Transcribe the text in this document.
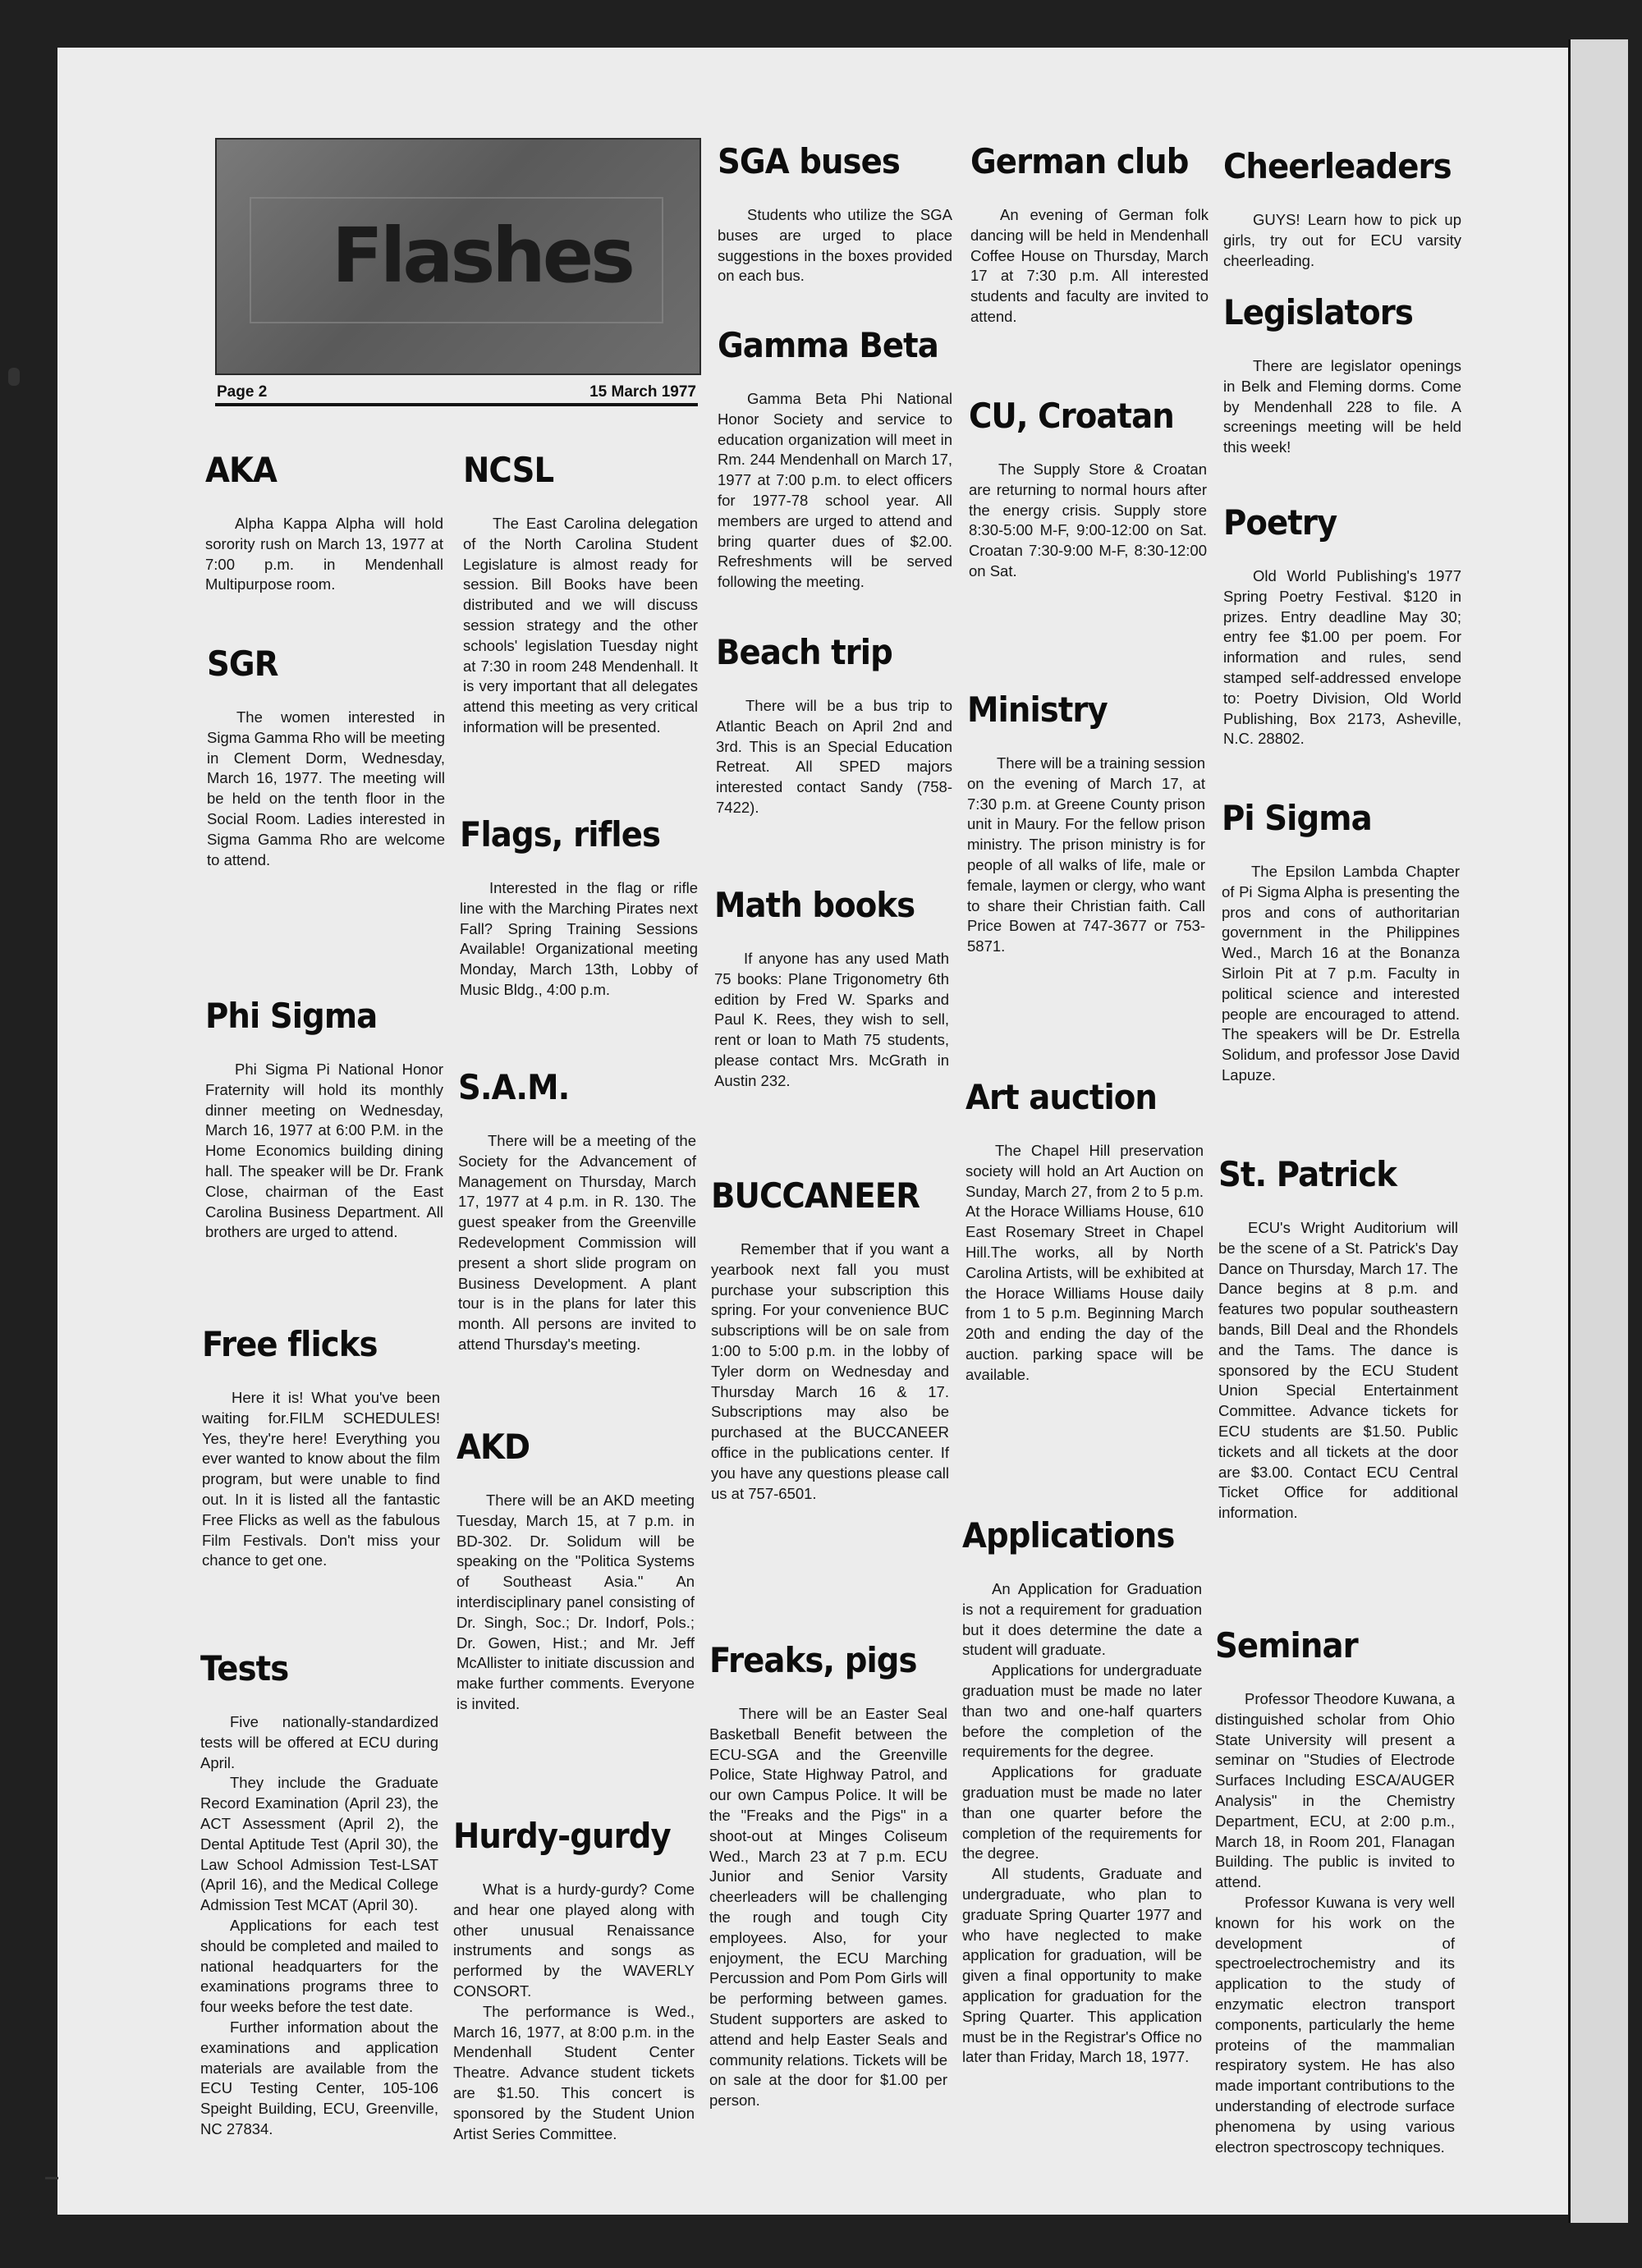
Flashes
Page 2	15 March 1977
AKA

Alpha Kappa Alpha will hold sorority rush on March 13, 1977 at 7:00 p.m. in Mendenhall Multipurpose room.

SGR

The women interested in Sigma Gamma Rho will be meeting in Clement Dorm, Wednesday, March 16, 1977. The meeting will be held on the tenth floor in the Social Room. Ladies interested in Sigma Gamma Rho are welcome to attend.

Phi Sigma

Phi Sigma Pi National Honor Fraternity will hold its monthly dinner meeting on Wednesday, March 16, 1977 at 6:00 P.M. in the Home Economics building dining hall. The speaker will be Dr. Frank Close, chairman of the East Carolina Business Department. All brothers are urged to attend.

Free flicks

Here it is! What you've been waiting for.FILM SCHEDULES! Yes, they're here! Everything you ever wanted to know about the film program, but were unable to find out. In it is listed all the fantastic Free Flicks as well as the fabulous Film Festivals. Don't miss your chance to get one.

Tests

Five nationally-standardized tests will be offered at ECU during April.

They include the Graduate Record Examination (April 23), the ACT Assessment (April 2), the Dental Aptitude Test (April 30), the Law School Admission Test-LSAT (April 16), and the Medical College Admission Test MCAT (April 30).

Applications for each test should be completed and mailed to national headquarters for the examinations programs three to four weeks before the test date.

Further information about the examinations and application materials are available from the ECU Testing Center, 105-106 Speight Building, ECU, Greenville, NC 27834.

NCSL

The East Carolina delegation of the North Carolina Student Legislature is almost ready for session. Bill Books have been distributed and we will discuss session strategy and the other schools' legislation Tuesday night at 7:30 in room 248 Mendenhall. It is very important that all delegates attend this meeting as very critical information will be presented.

Flags, rifles

Interested in the flag or rifle line with the Marching Pirates next Fall? Spring Training Sessions Available! Organizational meeting Monday, March 13th, Lobby of Music Bldg., 4:00 p.m.

S.A.M.

There will be a meeting of the Society for the Advancement of Management on Thursday, March 17, 1977 at 4 p.m. in R. 130. The guest speaker from the Greenville Redevelopment Commission will present a short slide program on Business Development. A plant tour is in the plans for later this month. All persons are invited to attend Thursday's meeting.

AKD

There will be an AKD meeting Tuesday, March 15, at 7 p.m. in BD-302. Dr. Solidum will be speaking on the "Politica Systems of Southeast Asia." An interdisciplinary panel consisting of Dr. Singh, Soc.; Dr. Indorf, Pols.; Dr. Gowen, Hist.; and Mr. Jeff McAllister to initiate discussion and make further comments. Everyone is invited.

Hurdy-gurdy

What is a hurdy-gurdy? Come and hear one played along with other unusual Renaissance instruments and songs as performed by the WAVERLY CONSORT.

The performance is Wed., March 16, 1977, at 8:00 p.m. in the Mendenhall Student Center Theatre. Advance student tickets are $1.50. This concert is sponsored by the Student Union Artist Series Committee.

SGA buses

Students who utilize the SGA buses are urged to place suggestions in the boxes provided on each bus.

Gamma Beta

Gamma Beta Phi National Honor Society and service to education organization will meet in Rm. 244 Mendenhall on March 17, 1977 at 7:00 p.m. to elect officers for 1977-78 school year. All members are urged to attend and bring quarter dues of $2.00. Refreshments will be served following the meeting.

Beach trip

There will be a bus trip to Atlantic Beach on April 2nd and 3rd. This is an Special Education Retreat. All SPED majors interested contact Sandy (758-7422).

Math books

If anyone has any used Math 75 books: Plane Trigonometry 6th edition by Fred W. Sparks and Paul K. Rees, they wish to sell, rent or loan to Math 75 students, please contact Mrs. McGrath in Austin 232.

BUCCANEER

Remember that if you want a yearbook next fall you must purchase your subscription this spring. For your convenience BUC subscriptions will be on sale from 1:00 to 5:00 p.m. in the lobby of Tyler dorm on Wednesday and Thursday March 16 & 17. Subscriptions may also be purchased at the BUCCANEER office in the publications center. If you have any questions please call us at 757-6501.

Freaks, pigs

There will be an Easter Seal Basketball Benefit between the ECU-SGA and the Greenville Police, State Highway Patrol, and our own Campus Police. It will be the "Freaks and the Pigs" in a shoot-out at Minges Coliseum Wed., March 23 at 7 p.m. ECU Junior and Senior Varsity cheerleaders will be challenging the rough and tough City employees. Also, for your enjoyment, the ECU Marching Percussion and Pom Pom Girls will be performing between games. Student supporters are asked to attend and help Easter Seals and community relations. Tickets will be on sale at the door for $1.00 per person.

German club

An evening of German folk dancing will be held in Mendenhall Coffee House on Thursday, March 17 at 7:30 p.m. All interested students and faculty are invited to attend.

CU, Croatan

The Supply Store & Croatan are returning to normal hours after the energy crisis. Supply store 8:30-5:00 M-F, 9:00-12:00 on Sat. Croatan 7:30-9:00 M-F, 8:30-12:00 on Sat.

Ministry

There will be a training session on the evening of March 17, at 7:30 p.m. at Greene County prison unit in Maury. For the fellow prison ministry. The prison ministry is for people of all walks of life, male or female, laymen or clergy, who want to share their Christian faith. Call Price Bowen at 747-3677 or 753-5871.

Art auction

The Chapel Hill preservation society will hold an Art Auction on Sunday, March 27, from 2 to 5 p.m. At the Horace Williams House, 610 East Rosemary Street in Chapel Hill.The works, all by North Carolina Artists, will be exhibited at the Horace Williams House daily from 1 to 5 p.m. Beginning March 20th and ending the day of the auction. parking space will be available.

Applications

An Application for Graduation is not a requirement for graduation but it does determine the date a student will graduate.

Applications for undergraduate graduation must be made no later than two and one-half quarters before the completion of the requirements for the degree.

Applications for graduate graduation must be made no later than one quarter before the completion of the requirements for the degree.

All students, Graduate and undergraduate, who plan to graduate Spring Quarter 1977 and who have neglected to make application for graduation, will be given a final opportunity to make application for graduation for the Spring Quarter. This application must be in the Registrar's Office no later than Friday, March 18, 1977.

Cheerleaders

GUYS! Learn how to pick up girls, try out for ECU varsity cheerleading.

Legislators

There are legislator openings in Belk and Fleming dorms. Come by Mendenhall 228 to file. A screenings meeting will be held this week!

Poetry

Old World Publishing's 1977 Spring Poetry Festival. $120 in prizes. Entry deadline May 30; entry fee $1.00 per poem. For information and rules, send stamped self-addressed envelope to: Poetry Division, Old World Publishing, Box 2173, Asheville, N.C. 28802.

Pi Sigma

The Epsilon Lambda Chapter of Pi Sigma Alpha is presenting the pros and cons of authoritarian government in the Philippines Wed., March 16 at the Bonanza Sirloin Pit at 7 p.m. Faculty in political science and interested people are encouraged to attend. The speakers will be Dr. Estrella Solidum, and professor Jose David Lapuze.

St. Patrick

ECU's Wright Auditorium will be the scene of a St. Patrick's Day Dance on Thursday, March 17. The Dance begins at 8 p.m. and features two popular southeastern bands, Bill Deal and the Rhondels and the Tams. The dance is sponsored by the ECU Student Union Special Entertainment Committee. Advance tickets for ECU students are $1.50. Public tickets and all tickets at the door are $3.00. Contact ECU Central Ticket Office for additional information.

Seminar

Professor Theodore Kuwana, a distinguished scholar from Ohio State University will present a seminar on "Studies of Electrode Surfaces Including ESCA/AUGER Analysis" in the Chemistry Department, ECU, at 2:00 p.m., March 18, in Room 201, Flanagan Building. The public is invited to attend.

Professor Kuwana is very well known for his work on the development of spectroelectrochemistry and its application to the study of enzymatic electron transport components, particularly the heme proteins of the mammalian respiratory system. He has also made important contributions to the understanding of electrode surface phenomena by using various electron spectroscopy techniques.
